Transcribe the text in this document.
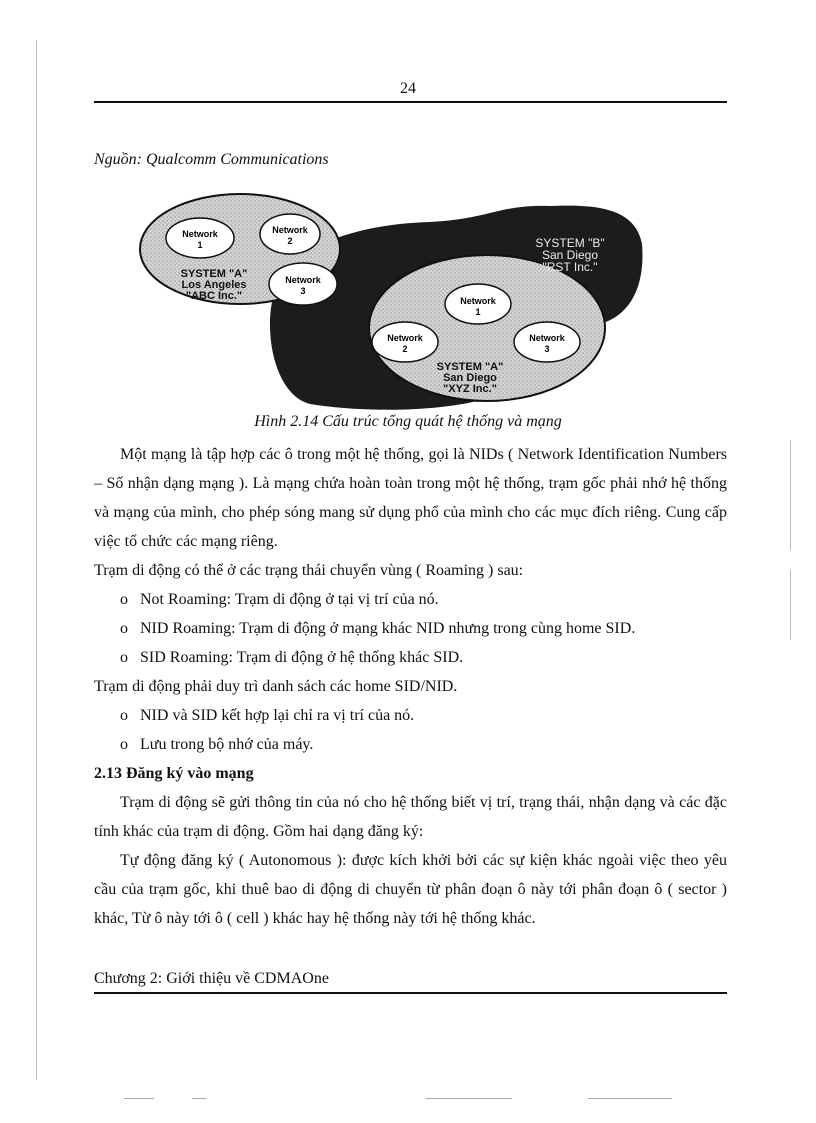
24
Nguồn: Qualcomm Communications
Network
1
Network
2
Network
3
SYSTEM "A"
Los Angeles
"ABC Inc."
SYSTEM "B"
San Diego
"RST Inc."
Network
1
Network
2
Network
3
SYSTEM "A"
San Diego
"XYZ Inc."
Hình 2.14 Cấu trúc tổng quát hệ thống và mạng

Một mạng là tập hợp các ô trong một hệ thống, gọi là NIDs ( Network Identification Numbers – Số nhận dạng mạng ). Là mạng chứa hoàn toàn trong một hệ thống, trạm gốc phải nhớ hệ thống và mạng của mình, cho phép sóng mang sử dụng phổ của mình cho các mục đích riêng. Cung cấp việc tổ chức các mạng riêng.

Trạm di động có thể ở các trạng thái chuyển vùng ( Roaming ) sau:

o Not Roaming: Trạm di động ở tại vị trí của nó.

o NID Roaming: Trạm di động ở mạng khác NID nhưng trong cùng home SID.

o SID Roaming: Trạm di động ở hệ thống khác SID.

Trạm di động phải duy trì danh sách các home SID/NID.

o NID và SID kết hợp lại chỉ ra vị trí của nó.

o Lưu trong bộ nhớ của máy.

2.13 Đăng ký vào mạng

Trạm di động sẽ gửi thông tin của nó cho hệ thống biết vị trí, trạng thái, nhận dạng và các đặc tính khác của trạm di động. Gồm hai dạng đăng ký:

Tự động đăng ký ( Autonomous ): được kích khởi bởi các sự kiện khác ngoài việc theo yêu cầu của trạm gốc, khi thuê bao di động di chuyển từ phân đoạn ô này tới phân đoạn ô ( sector ) khác, Từ ô này tới ô ( cell ) khác hay hệ thống này tới hệ thống khác.

Chương 2: Giới thiệu về CDMAOne
